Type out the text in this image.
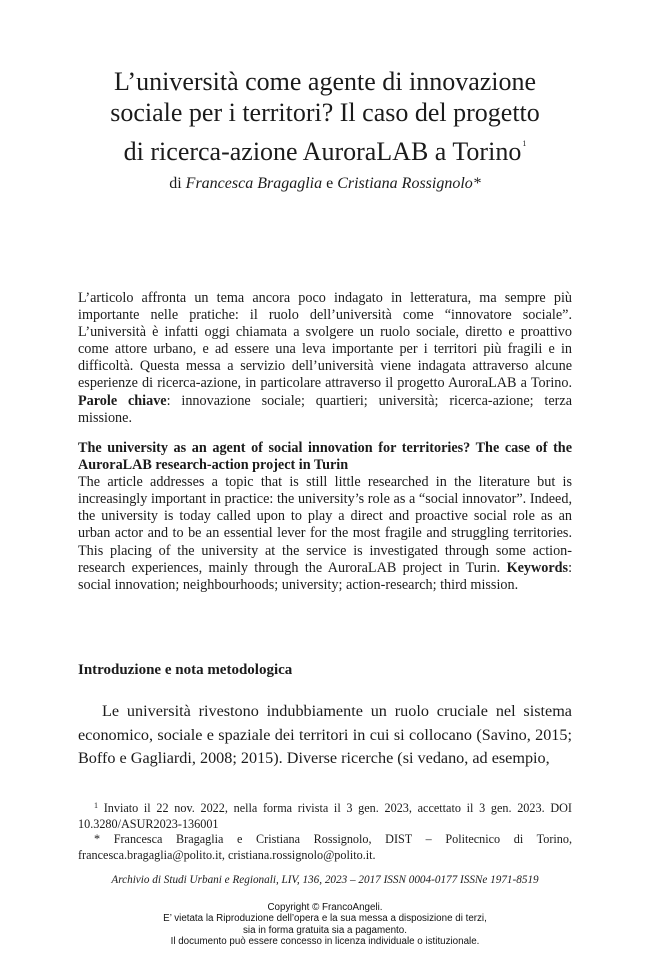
L’università come agente di innovazione
sociale per i territori? Il caso del progetto
di ricerca-azione AuroraLAB a Torino$^1$
di Francesca Bragaglia e Cristiana Rossignolo*

L’articolo affronta un tema ancora poco indagato in letteratura, ma sempre più importante nelle pratiche: il ruolo dell’università come “innovatore sociale”. L’università è infatti oggi chiamata a svolgere un ruolo sociale, diretto e proattivo come attore urbano, e ad essere una leva importante per i territori più fragili e in difficoltà. Questa messa a servizio dell’università viene indagata attraverso alcune esperienze di ricerca-azione, in particolare attraverso il progetto AuroraLAB a Torino. Parole chiave: innovazione sociale; quartieri; università; ricerca-azione; terza missione.

The university as an agent of social innovation for territories? The case of the AuroraLAB research-action project in Turin
The article addresses a topic that is still little researched in the literature but is increasingly important in practice: the university’s role as a “social innovator”. Indeed, the university is today called upon to play a direct and proactive social role as an urban actor and to be an essential lever for the most fragile and struggling territories. This placing of the university at the service is investigated through some action-research experiences, mainly through the AuroraLAB project in Turin. Keywords: social innovation; neighbourhoods; university; action-research; third mission.

Introduzione e nota metodologica

Le università rivestono indubbiamente un ruolo cruciale nel sistema economico, sociale e spaziale dei territori in cui si collocano (Savino, 2015; Boffo e Gagliardi, 2008; 2015). Diverse ricerche (si vedano, ad esempio,

$^1$ Inviato il 22 nov. 2022, nella forma rivista il 3 gen. 2023, accettato il 3 gen. 2023. DOI 10.3280/ASUR2023-136001

* Francesca Bragaglia e Cristiana Rossignolo, DIST – Politecnico di Torino, francesca.bragaglia@polito.it, cristiana.rossignolo@polito.it.

Archivio di Studi Urbani e Regionali, LIV, 136, 2023 – 2017 ISSN 0004-0177 ISSNe 1971-8519
Copyright © FrancoAngeli.
E’ vietata la Riproduzione dell’opera e la sua messa a disposizione di terzi,
sia in forma gratuita sia a pagamento.
Il documento può essere concesso in licenza individuale o istituzionale.
